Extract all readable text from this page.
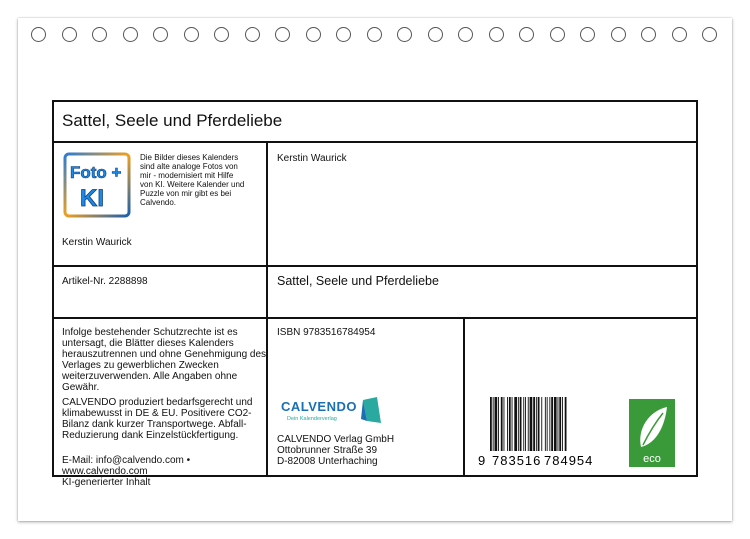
Sattel, Seele und Pferdeliebe
Foto +
KI
Die Bilder dieses Kalenders
sind alte analoge Fotos von
mir - modernisiert mit Hilfe
von KI. Weitere Kalender und
Puzzle von mir gibt es bei
Calvendo.
Kerstin Waurick
Kerstin Waurick
Artikel-Nr. 2288898	Sattel, Seele und Pferdeliebe
Infolge bestehender Schutzrechte ist es
untersagt, die Blätter dieses Kalenders
herauszutrennen und ohne Genehmigung des
Verlages zu gewerblichen Zwecken
weiterzuverwenden. Alle Angaben ohne
Gewähr.
CALVENDO produziert bedarfsgerecht und
klimabewusst in DE & EU. Positivere CO2-
Bilanz dank kurzer Transportwege. Abfall-
Reduzierung dank Einzelstückfertigung.
E-Mail: info@calvendo.com •
www.calvendo.com
KI-generierter Inhalt
ISBN 9783516784954
CALVENDO
Dein Kalenderverlag
CALVENDO Verlag GmbH
Ottobrunner Straße 39
D-82008 Unterhaching	9 783516 784954	eco
